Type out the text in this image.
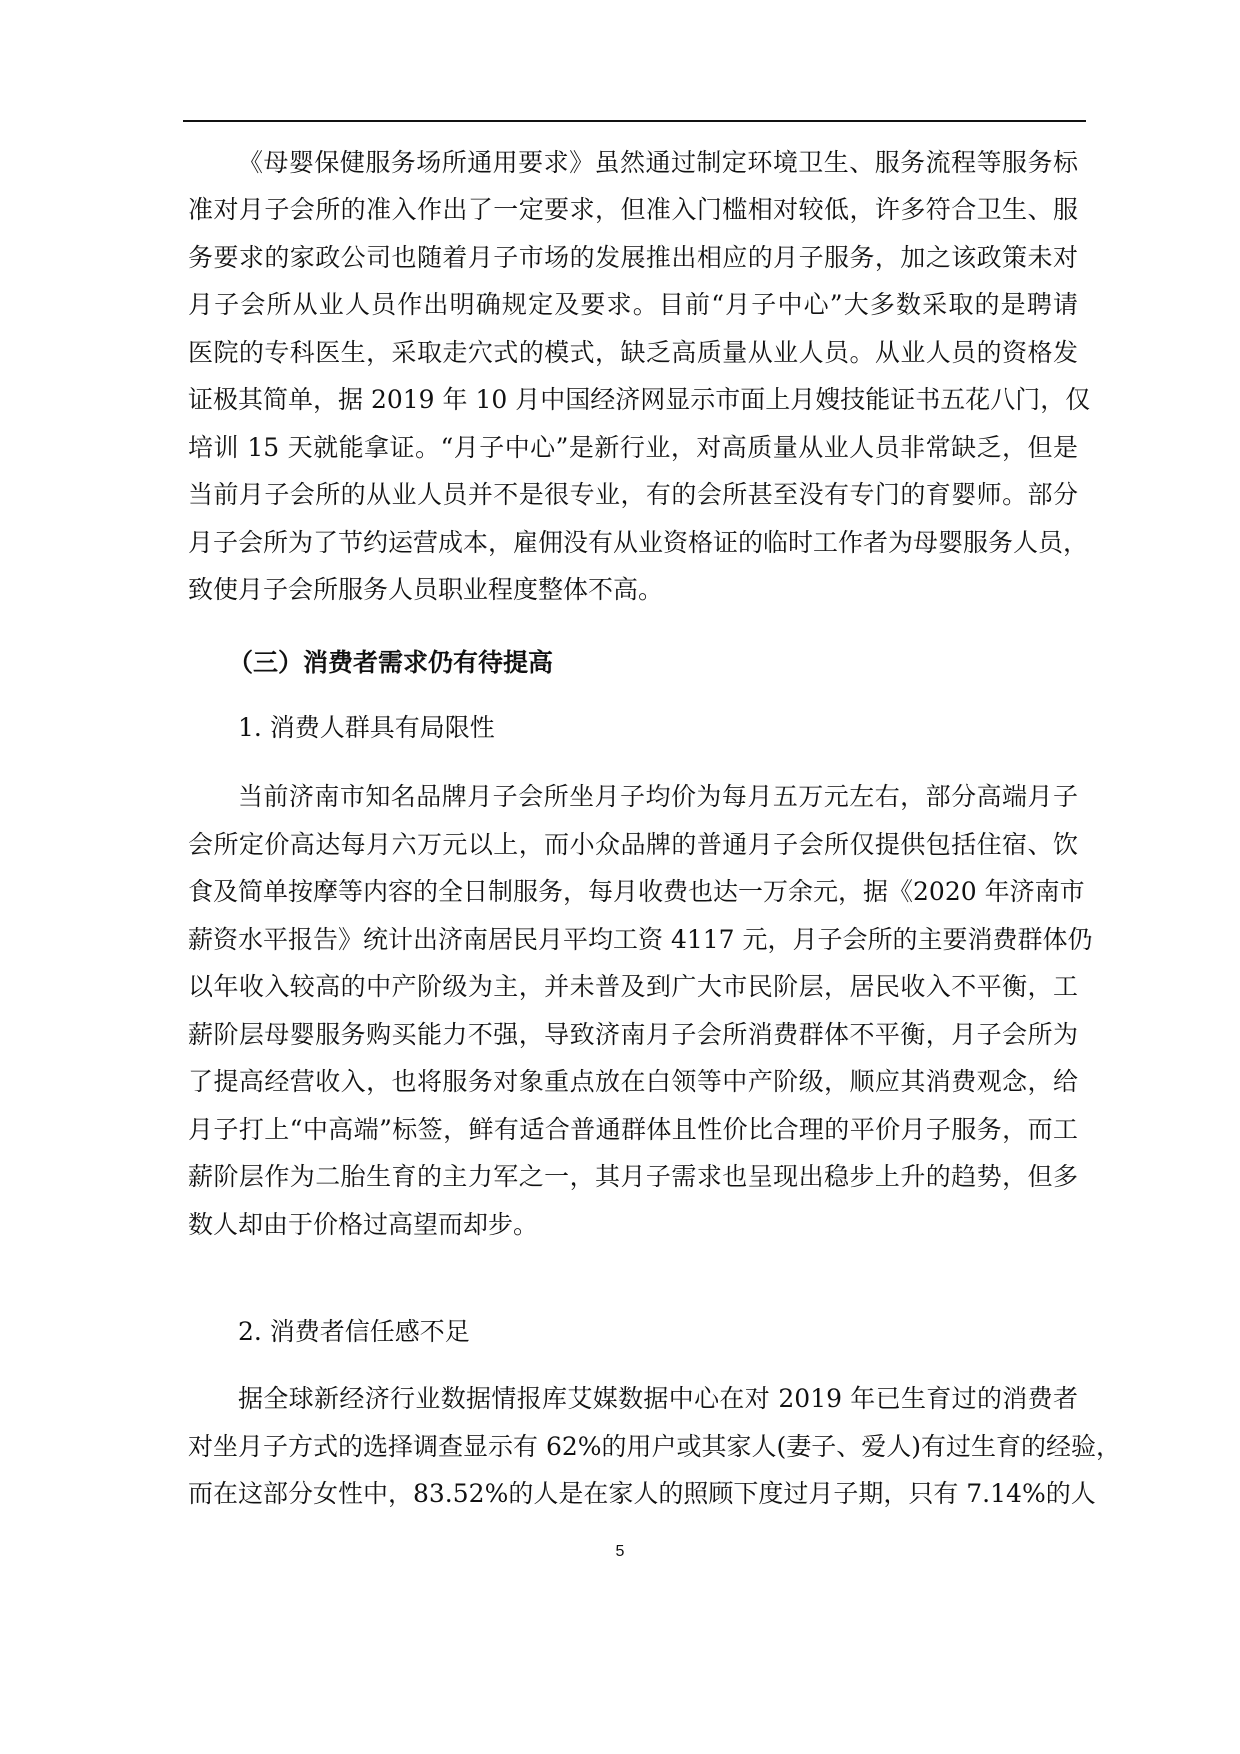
《母婴保健服务场所通用要求》虽然通过制定环境卫生、服务流程等服务标
准对月子会所的准入作出了一定要求，但准入门槛相对较低，许多符合卫生、服
务要求的家政公司也随着月子市场的发展推出相应的月子服务，加之该政策未对
月子会所从业人员作出明确规定及要求。目前“月子中心”大多数采取的是聘请
医院的专科医生，采取走穴式的模式，缺乏高质量从业人员。从业人员的资格发
证极其简单，据 2019 年 10 月中国经济网显示市面上月嫂技能证书五花八门，仅
培训 15 天就能拿证。“月子中心”是新行业，对高质量从业人员非常缺乏，但是
当前月子会所的从业人员并不是很专业，有的会所甚至没有专门的育婴师。部分
月子会所为了节约运营成本，雇佣没有从业资格证的临时工作者为母婴服务人员，
致使月子会所服务人员职业程度整体不高。
（三）消费者需求仍有待提高
1. 消费人群具有局限性
当前济南市知名品牌月子会所坐月子均价为每月五万元左右，部分高端月子
会所定价高达每月六万元以上，而小众品牌的普通月子会所仅提供包括住宿、饮
食及简单按摩等内容的全日制服务，每月收费也达一万余元，据《2020 年济南市
薪资水平报告》统计出济南居民月平均工资 4117 元，月子会所的主要消费群体仍
以年收入较高的中产阶级为主，并未普及到广大市民阶层，居民收入不平衡，工
薪阶层母婴服务购买能力不强，导致济南月子会所消费群体不平衡，月子会所为
了提高经营收入，也将服务对象重点放在白领等中产阶级，顺应其消费观念，给
月子打上“中高端”标签，鲜有适合普通群体且性价比合理的平价月子服务，而工
薪阶层作为二胎生育的主力军之一，其月子需求也呈现出稳步上升的趋势，但多
数人却由于价格过高望而却步。
2. 消费者信任感不足
据全球新经济行业数据情报库艾媒数据中心在对 2019 年已生育过的消费者
对坐月子方式的选择调查显示有 62%的用户或其家人(妻子、爱人)有过生育的经验，
而在这部分女性中，83.52%的人是在家人的照顾下度过月子期，只有 7.14%的人
5
